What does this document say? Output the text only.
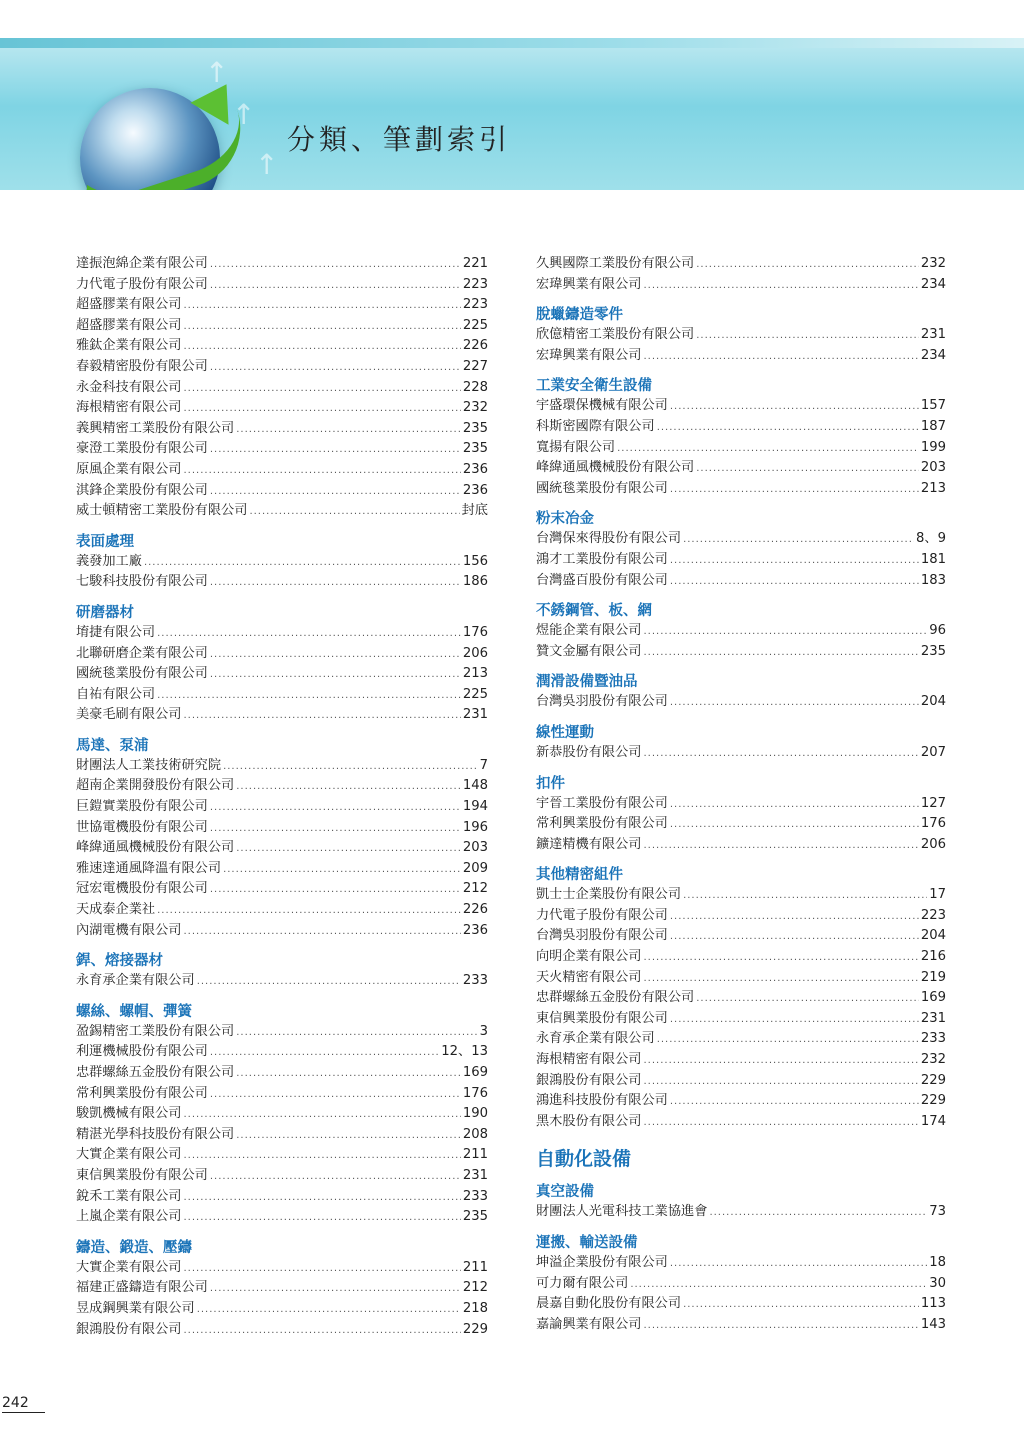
↑
↑
↑
分類、筆劃索引
達振泡綿企業有限公司 .....	221
力代電子股份有限公司 .....	223
超盛膠業有限公司 .....	223
超盛膠業有限公司 .....	225
雅鈦企業有限公司 .....	226
春毅精密股份有限公司 .....	227
永金科技有限公司 .....	228
海根精密有限公司 .....	232
義興精密工業股份有限公司 .....	235
豪澄工業股份有限公司 .....	235
原風企業有限公司 .....	236
淇鋒企業股份有限公司 .....	236
威士頓精密工業股份有限公司 .....	封底
表面處理
義發加工廠 .....	156
七駿科技股份有限公司 .....	186
研磨器材
堉捷有限公司 .....	176
北聯研磨企業有限公司 .....	206
國統毯業股份有限公司 .....	213
自祐有限公司 .....	225
美豪毛刷有限公司 .....	231
馬達、泵浦
財團法人工業技術研究院 .....	7
超南企業開發股份有限公司 .....	148
巨鎧實業股份有限公司 .....	194
世協電機股份有限公司 .....	196
峰緯通風機械股份有限公司 .....	203
雅速達通風降溫有限公司 .....	209
冠宏電機股份有限公司 .....	212
天成泰企業社 .....	226
內湖電機有限公司 .....	236
銲、熔接器材
永育承企業有限公司 .....	233
螺絲、螺帽、彈簧
盈錫精密工業股份有限公司 .....	3
利運機械股份有限公司 .....	12、13
忠群螺絲五金股份有限公司 .....	169
常利興業股份有限公司 .....	176
駿凱機械有限公司 .....	190
精湛光學科技股份有限公司 .....	208
大實企業有限公司 .....	211
東信興業股份有限公司 .....	231
銳禾工業有限公司 .....	233
上嵐企業有限公司 .....	235
鑄造、鍛造、壓鑄
大實企業有限公司 .....	211
福建正盛鑄造有限公司 .....	212
昱成鋼興業有限公司 .....	218
銀鴻股份有限公司 .....	229
久興國際工業股份有限公司 .....	232
宏瑋興業有限公司 .....	234
脫蠟鑄造零件
欣億精密工業股份有限公司 .....	231
宏瑋興業有限公司 .....	234
工業安全衛生設備
宇盛環保機械有限公司 .....	157
科斯密國際有限公司 .....	187
寬揚有限公司 .....	199
峰緯通風機械股份有限公司 .....	203
國統毯業股份有限公司 .....	213
粉末冶金
台灣保來得股份有限公司 .....	8、9
鴻才工業股份有限公司 .....	181
台灣盛百股份有限公司 .....	183
不銹鋼管、板、網
煜能企業有限公司 .....	96
贊文金屬有限公司 .....	235
潤滑設備暨油品
台灣吳羽股份有限公司 .....	204
線性運動
新恭股份有限公司 .....	207
扣件
宇晉工業股份有限公司 .....	127
常利興業股份有限公司 .....	176
鑛達精機有限公司 .....	206
其他精密組件
凱士士企業股份有限公司 .....	17
力代電子股份有限公司 .....	223
台灣吳羽股份有限公司 .....	204
向明企業有限公司 .....	216
天火精密有限公司 .....	219
忠群螺絲五金股份有限公司 .....	169
東信興業股份有限公司 .....	231
永育承企業有限公司 .....	233
海根精密有限公司 .....	232
銀鴻股份有限公司 .....	229
鴻進科技股份有限公司 .....	229
黑木股份有限公司 .....	174
自動化設備
真空設備
財團法人光電科技工業協進會 .....	73
運搬、輸送設備
坤溢企業股份有限公司 .....	18
可力爾有限公司 .....	30
晨嘉自動化股份有限公司 .....	113
嘉論興業有限公司 .....	143
242
